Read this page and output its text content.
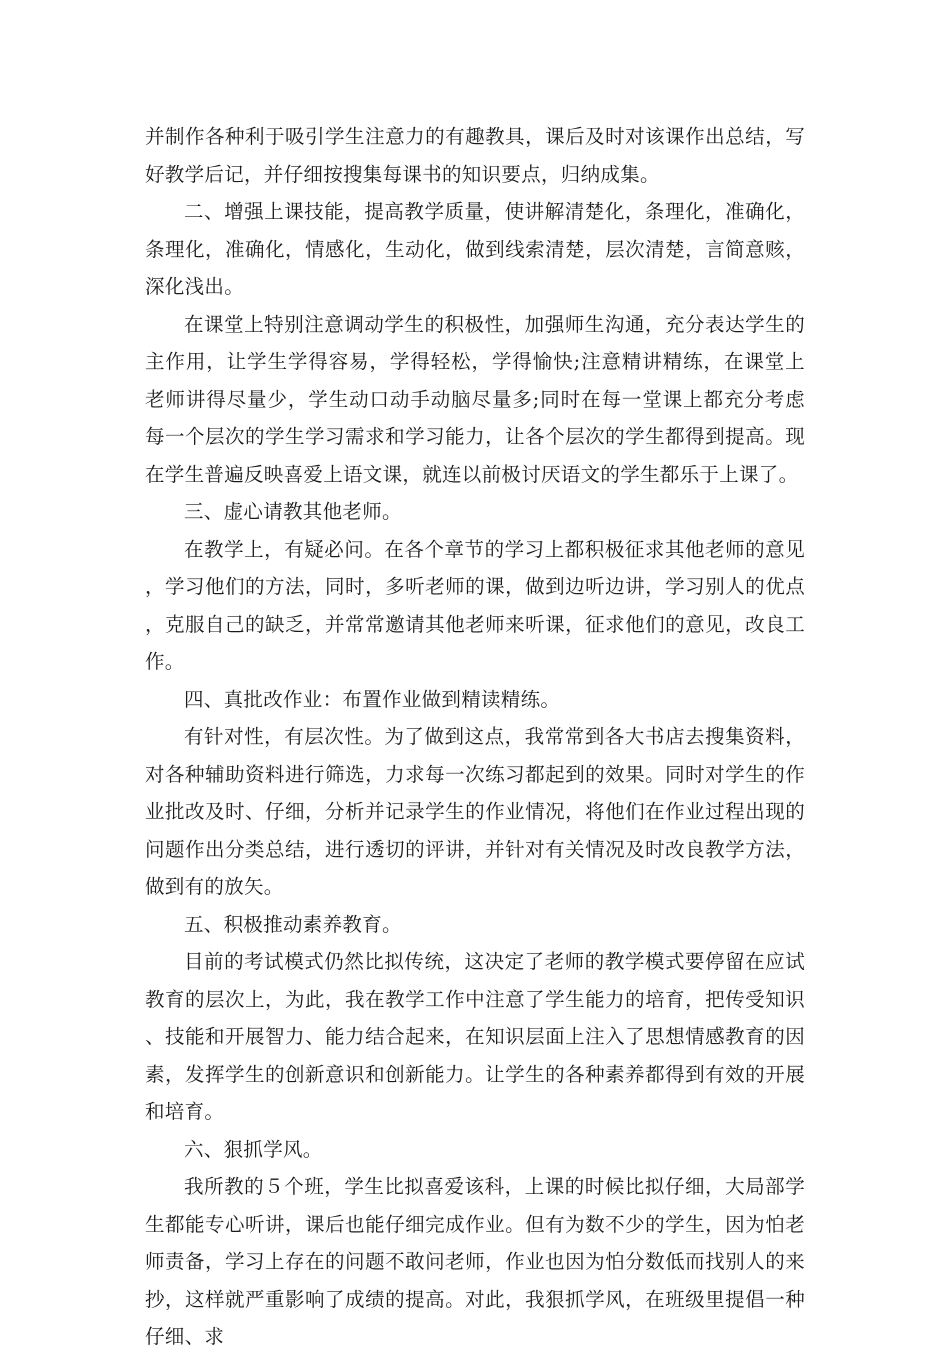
并制作各种利于吸引学生注意力的有趣教具，课后及时对该课作出总结，写好教学后记，并仔细按搜集每课书的知识要点，归纳成集。

二、增强上课技能，提高教学质量，使讲解清楚化，条理化，准确化，条理化，准确化，情感化，生动化，做到线索清楚，层次清楚，言简意赅，深化浅出。

在课堂上特别注意调动学生的积极性，加强师生沟通，充分表达学生的主作用，让学生学得容易，学得轻松，学得愉快;注意精讲精练，在课堂上老师讲得尽量少，学生动口动手动脑尽量多;同时在每一堂课上都充分考虑每一个层次的学生学习需求和学习能力，让各个层次的学生都得到提高。现在学生普遍反映喜爱上语文课，就连以前极讨厌语文的学生都乐于上课了。

三、虚心请教其他老师。

在教学上，有疑必问。在各个章节的学习上都积极征求其他老师的意见，学习他们的方法，同时，多听老师的课，做到边听边讲，学习别人的优点，克服自己的缺乏，并常常邀请其他老师来听课，征求他们的意见，改良工作。

四、真批改作业：布置作业做到精读精练。

有针对性，有层次性。为了做到这点，我常常到各大书店去搜集资料，对各种辅助资料进行筛选，力求每一次练习都起到的效果。同时对学生的作业批改及时、仔细，分析并记录学生的作业情况，将他们在作业过程出现的问题作出分类总结，进行透切的评讲，并针对有关情况及时改良教学方法，做到有的放矢。

五、积极推动素养教育。

目前的考试模式仍然比拟传统，这决定了老师的教学模式要停留在应试教育的层次上，为此，我在教学工作中注意了学生能力的培育，把传受知识、技能和开展智力、能力结合起来，在知识层面上注入了思想情感教育的因素，发挥学生的创新意识和创新能力。让学生的各种素养都得到有效的开展和培育。

六、狠抓学风。

我所教的５个班，学生比拟喜爱该科，上课的时候比拟仔细，大局部学生都能专心听讲，课后也能仔细完成作业。但有为数不少的学生，因为怕老师责备，学习上存在的问题不敢问老师，作业也因为怕分数低而找别人的来抄，这样就严重影响了成绩的提高。对此，我狠抓学风，在班级里提倡一种仔细、求
